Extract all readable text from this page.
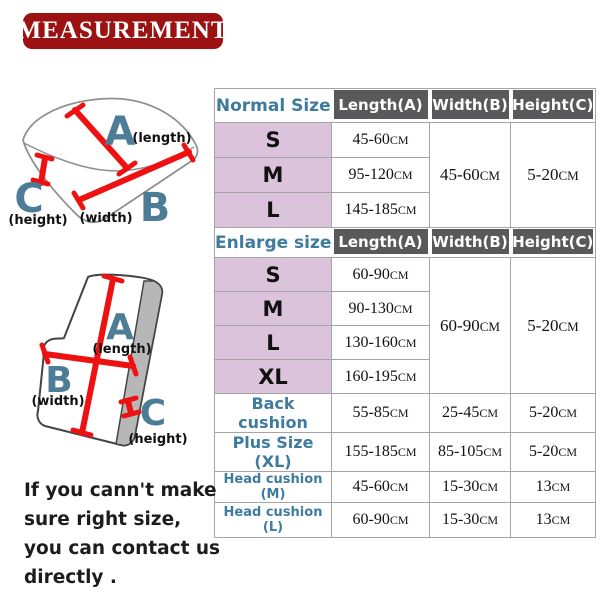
MEASUREMENT
A
(length)
B
(width)
C
(height)
A
(length)
B
(width) C
(height)
Normal Size	Length(A)	Width(B)	Height(C)

S	45-60CM	45-60CM	5-20CM
M	95-120CM		
L	145-185CM		
Enlarge size	Length(A)	Width(B)	Height(C)

S	60-90CM	60-90CM	5-20CM
M	90-130CM		
L	130-160CM		
XL	160-195CM		
Back cushion	55-85CM	25-45CM	5-20CM
Plus Size (XL)	155-185CM	85-105CM	5-20CM
Head cushion (M)	45-60CM	15-30CM	13CM
Head cushion (L)	60-90CM	15-30CM	13CM
If you cann't make
sure right size,
you can contact us
directly .
